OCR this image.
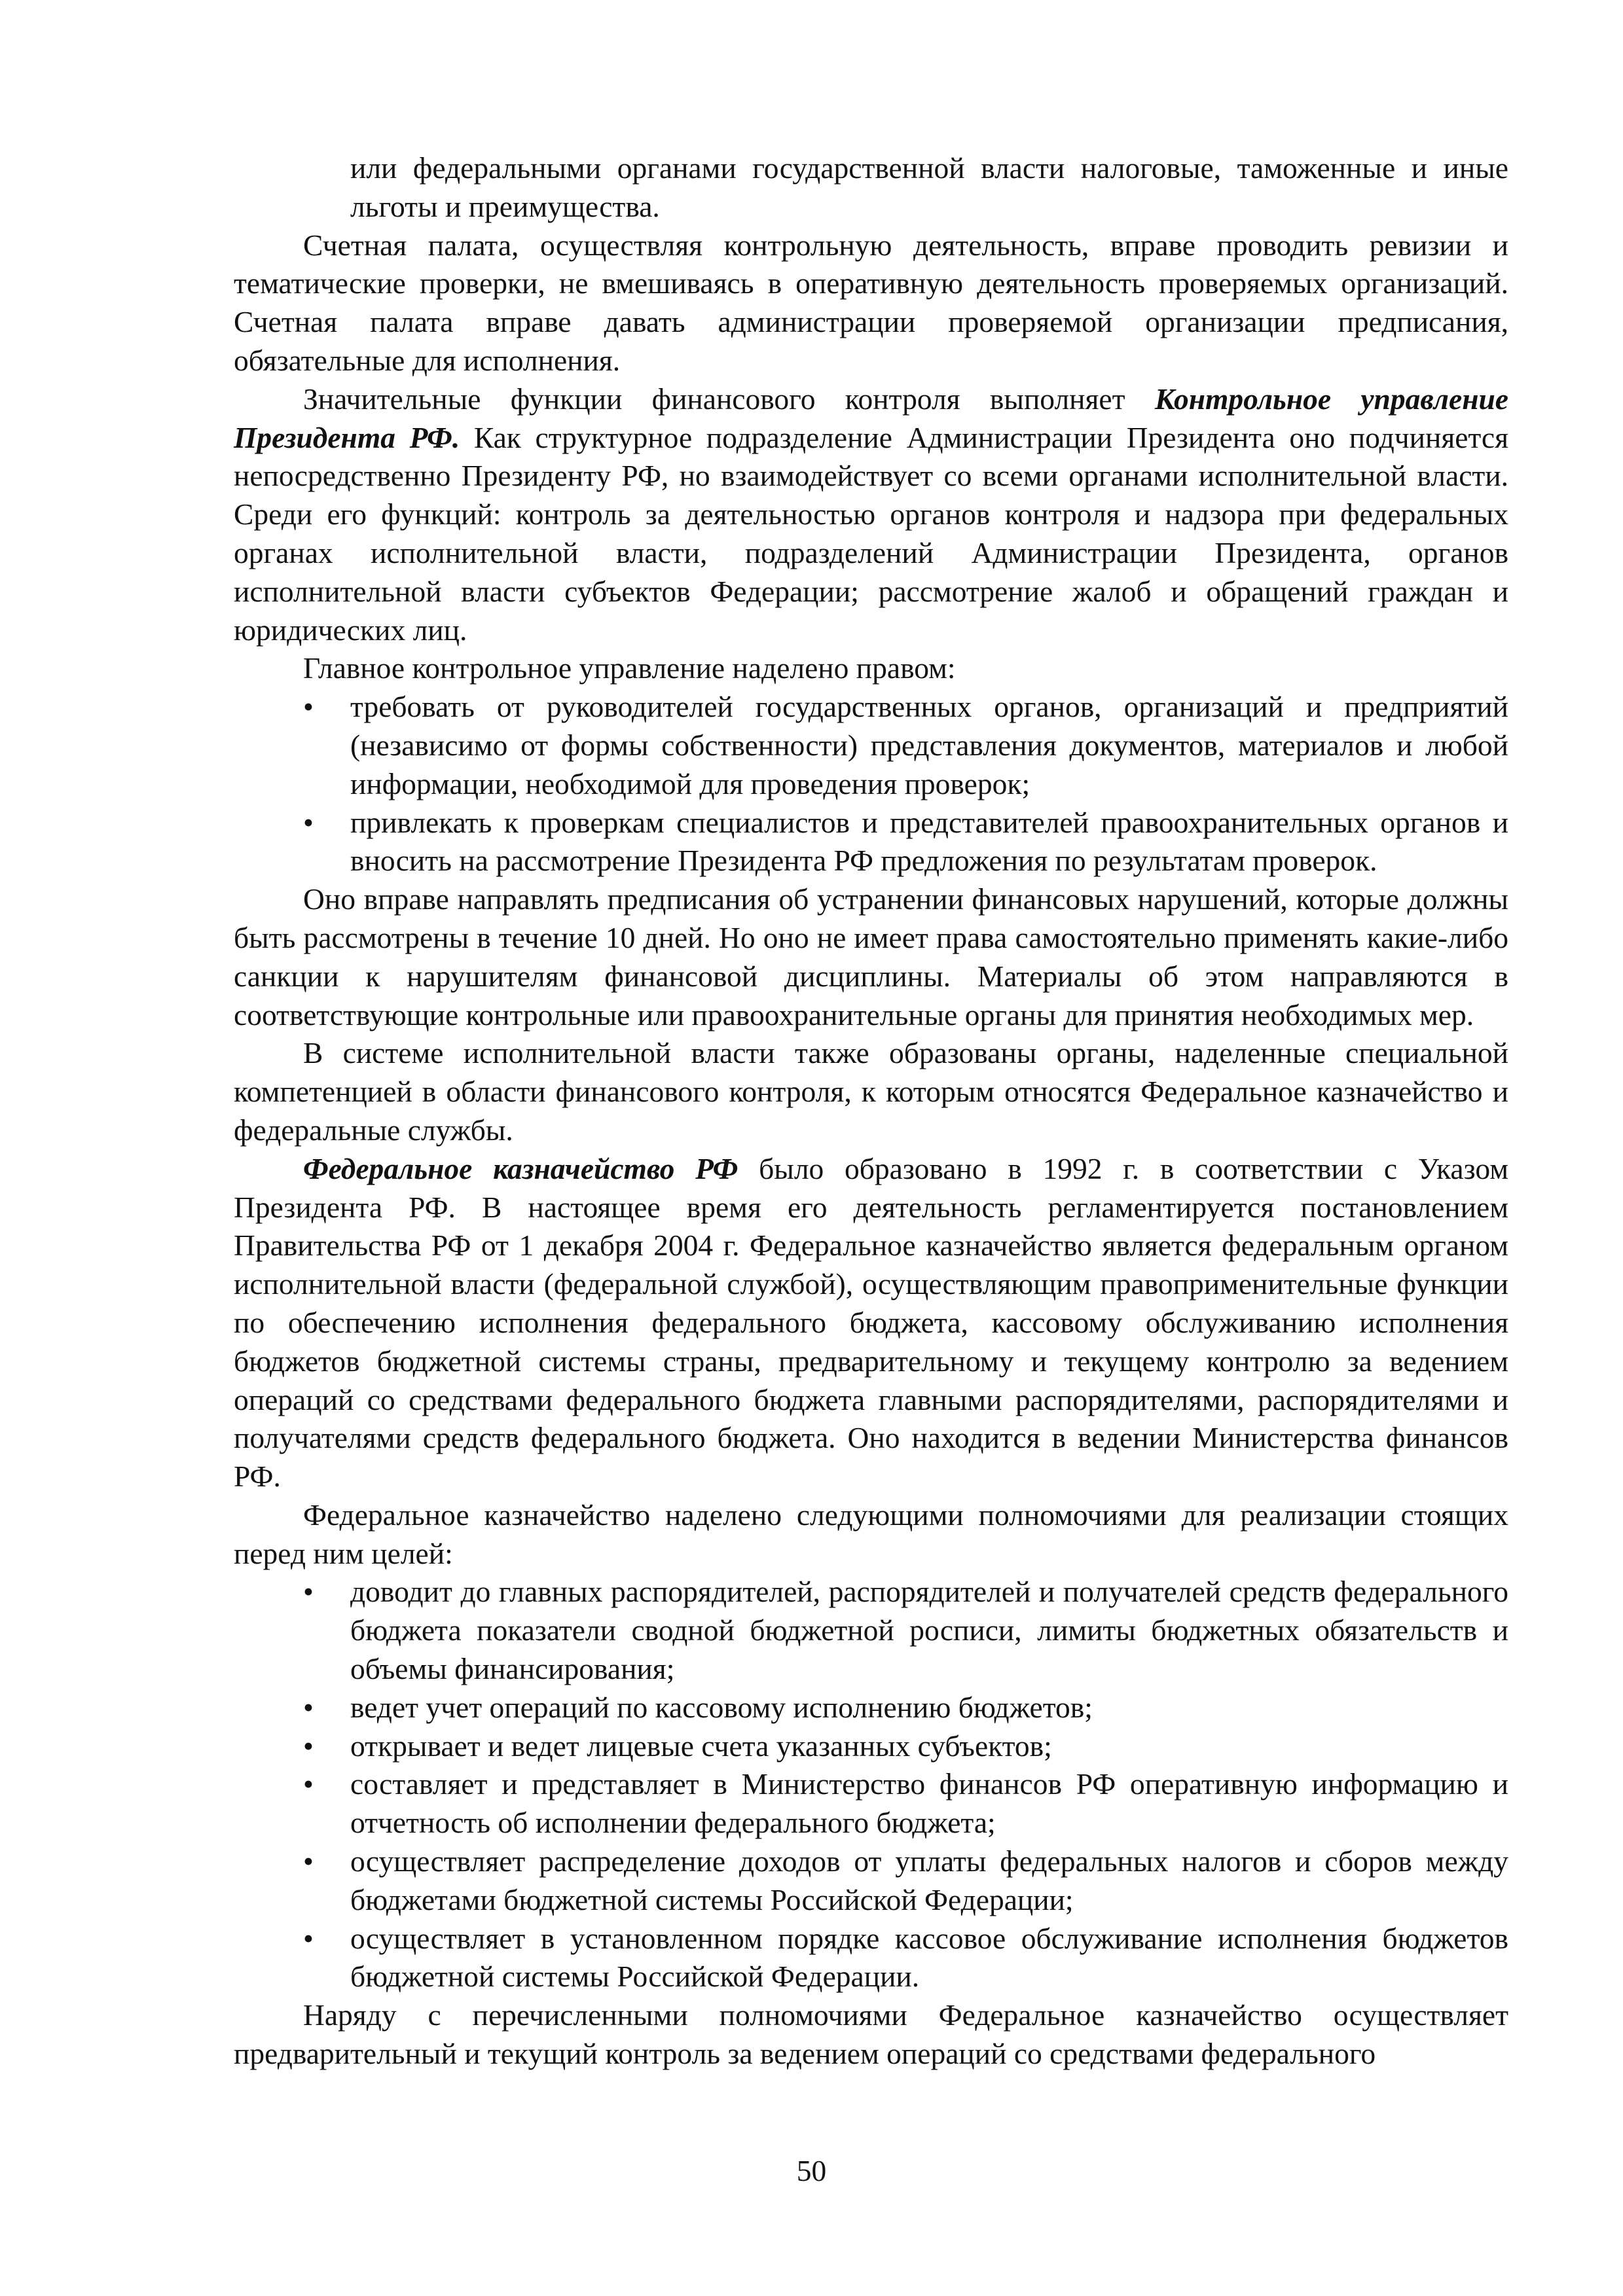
или федеральными органами государственной власти налоговые, таможенные и иные льготы и преимущества.

Счетная палата, осуществляя контрольную деятельность, вправе проводить ревизии и тематические проверки, не вмешиваясь в оперативную деятельность проверяемых организаций. Счетная палата вправе давать администрации проверяемой организации предписания, обязательные для исполнения.

Значительные функции финансового контроля выполняет Контрольное управление Президента РФ. Как структурное подразделение Администрации Президента оно подчиняется непосредственно Президенту РФ, но взаимодействует со всеми органами исполнительной власти. Среди его функций: контроль за деятельностью органов контроля и надзора при федеральных органах исполнительной власти, подразделений Администрации Президента, органов исполнительной власти субъектов Федерации; рассмотрение жалоб и обращений граждан и юридических лиц.

Главное контрольное управление наделено правом:

• требовать от руководителей государственных органов, организаций и предприятий (независимо от формы собственности) представления документов, материалов и любой информации, необходимой для проведения проверок;
• привлекать к проверкам специалистов и представителей правоохранительных органов и вносить на рассмотрение Президента РФ предложения по результатам проверок.

Оно вправе направлять предписания об устранении финансовых нарушений, которые должны быть рассмотрены в течение 10 дней. Но оно не имеет права самостоятельно применять какие-либо санкции к нарушителям финансовой дисциплины. Материалы об этом направляются в соответствующие контрольные или правоохранительные органы для принятия необходимых мер.

В системе исполнительной власти также образованы органы, наделенные специальной компетенцией в области финансового контроля, к которым относятся Федеральное казначейство и федеральные службы.

Федеральное казначейство РФ было образовано в 1992 г. в соответствии с Указом Президента РФ. В настоящее время его деятельность регламентируется постановлением Правительства РФ от 1 декабря 2004 г. Федеральное казначейство является федеральным органом исполнительной власти (федеральной службой), осуществляющим правоприменительные функции по обеспечению исполнения федерального бюджета, кассовому обслуживанию исполнения бюджетов бюджетной системы страны, предварительному и текущему контролю за ведением операций со средствами федерального бюджета главными распорядителями, распорядителями и получателями средств федерального бюджета. Оно находится в ведении Министерства финансов РФ.

Федеральное казначейство наделено следующими полномочиями для реализации стоящих перед ним целей:

• доводит до главных распорядителей, распорядителей и получателей средств федерального бюджета показатели сводной бюджетной росписи, лимиты бюджетных обязательств и объемы финансирования;
• ведет учет операций по кассовому исполнению бюджетов;
• открывает и ведет лицевые счета указанных субъектов;
• составляет и представляет в Министерство финансов РФ оперативную информацию и отчетность об исполнении федерального бюджета;
• осуществляет распределение доходов от уплаты федеральных налогов и сборов между бюджетами бюджетной системы Российской Федерации;
• осуществляет в установленном порядке кассовое обслуживание исполнения бюджетов бюджетной системы Российской Федерации.

Наряду с перечисленными полномочиями Федеральное казначейство осуществляет предварительный и текущий контроль за ведением операций со средствами федерального

50
